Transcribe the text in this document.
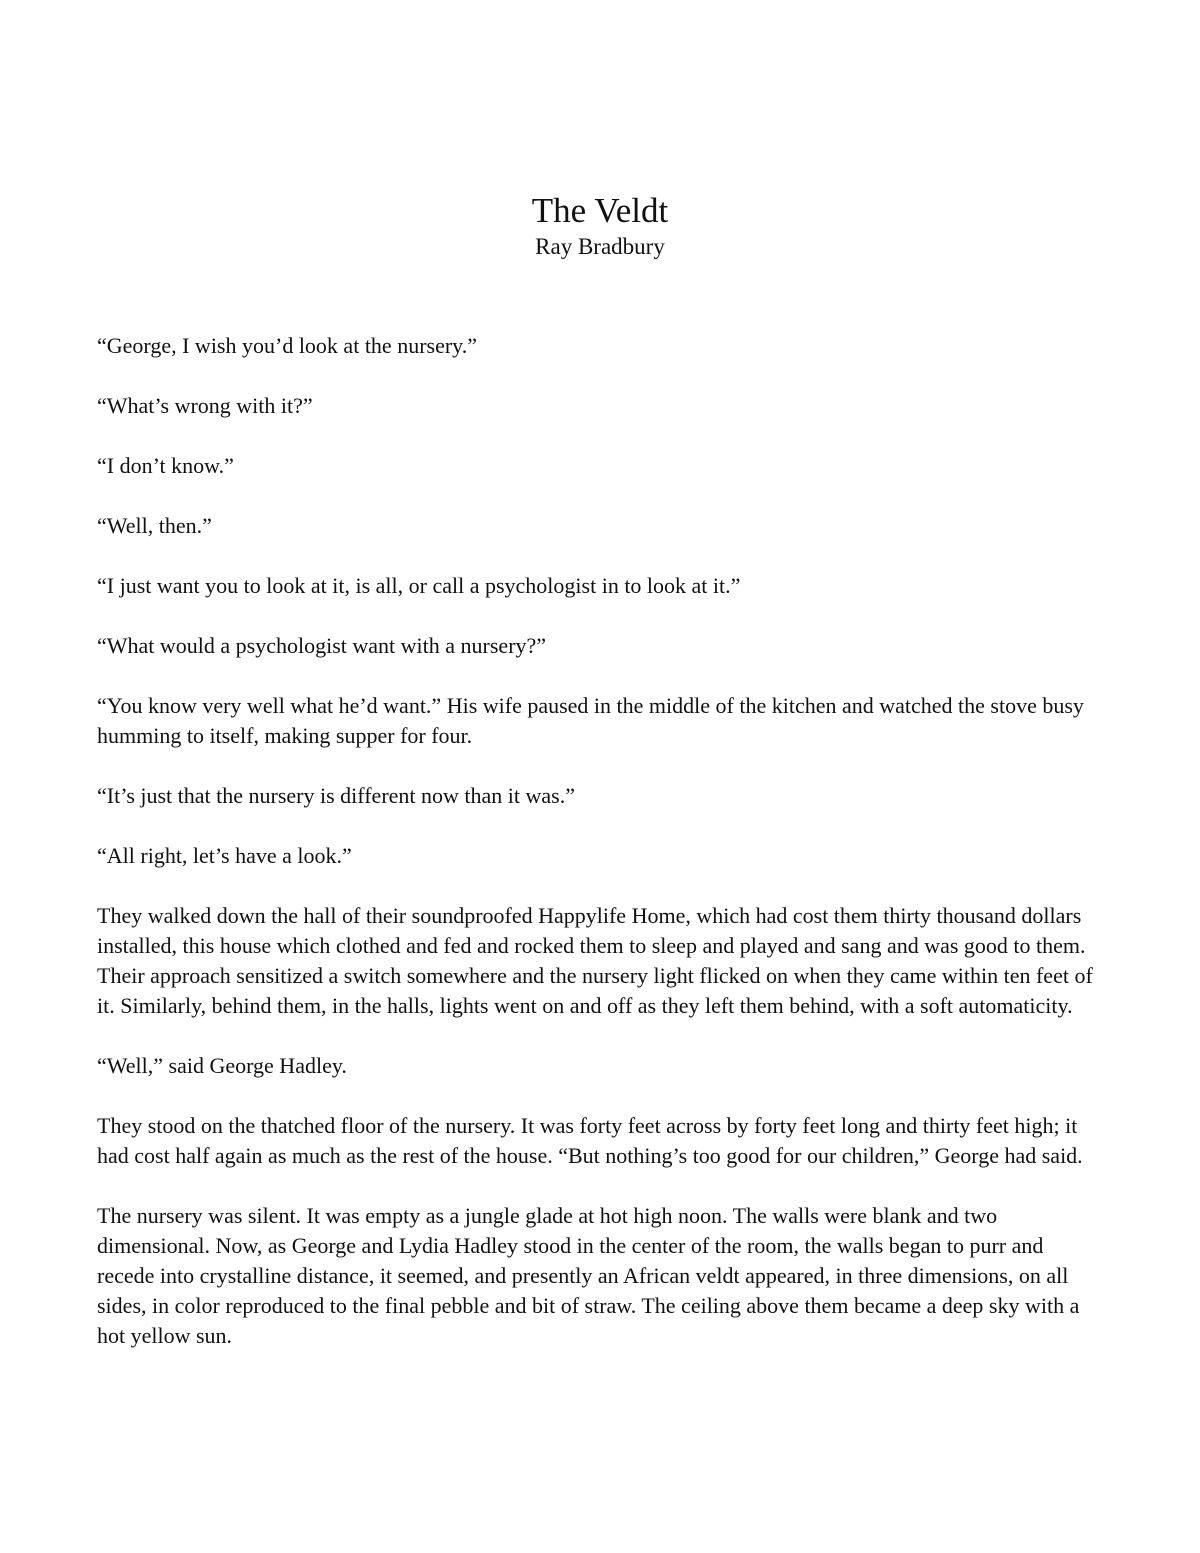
The Veldt
Ray Bradbury

“George, I wish you’d look at the nursery.”

“What’s wrong with it?”

“I don’t know.”

“Well, then.”

“I just want you to look at it, is all, or call a psychologist in to look at it.”

“What would a psychologist want with a nursery?”

“You know very well what he’d want.” His wife paused in the middle of the kitchen and watched the stove busy humming to itself, making supper for four.

“It’s just that the nursery is different now than it was.”

“All right, let’s have a look.”

They walked down the hall of their soundproofed Happylife Home, which had cost them thirty thousand dollars installed, this house which clothed and fed and rocked them to sleep and played and sang and was good to them. Their approach sensitized a switch somewhere and the nursery light flicked on when they came within ten feet of it. Similarly, behind them, in the halls, lights went on and off as they left them behind, with a soft automaticity.

“Well,” said George Hadley.

They stood on the thatched floor of the nursery. It was forty feet across by forty feet long and thirty feet high; it had cost half again as much as the rest of the house. “But nothing’s too good for our children,” George had said.

The nursery was silent. It was empty as a jungle glade at hot high noon. The walls were blank and two dimensional. Now, as George and Lydia Hadley stood in the center of the room, the walls began to purr and recede into crystalline distance, it seemed, and presently an African veldt appeared, in three dimensions, on all sides, in color reproduced to the final pebble and bit of straw. The ceiling above them became a deep sky with a hot yellow sun.
